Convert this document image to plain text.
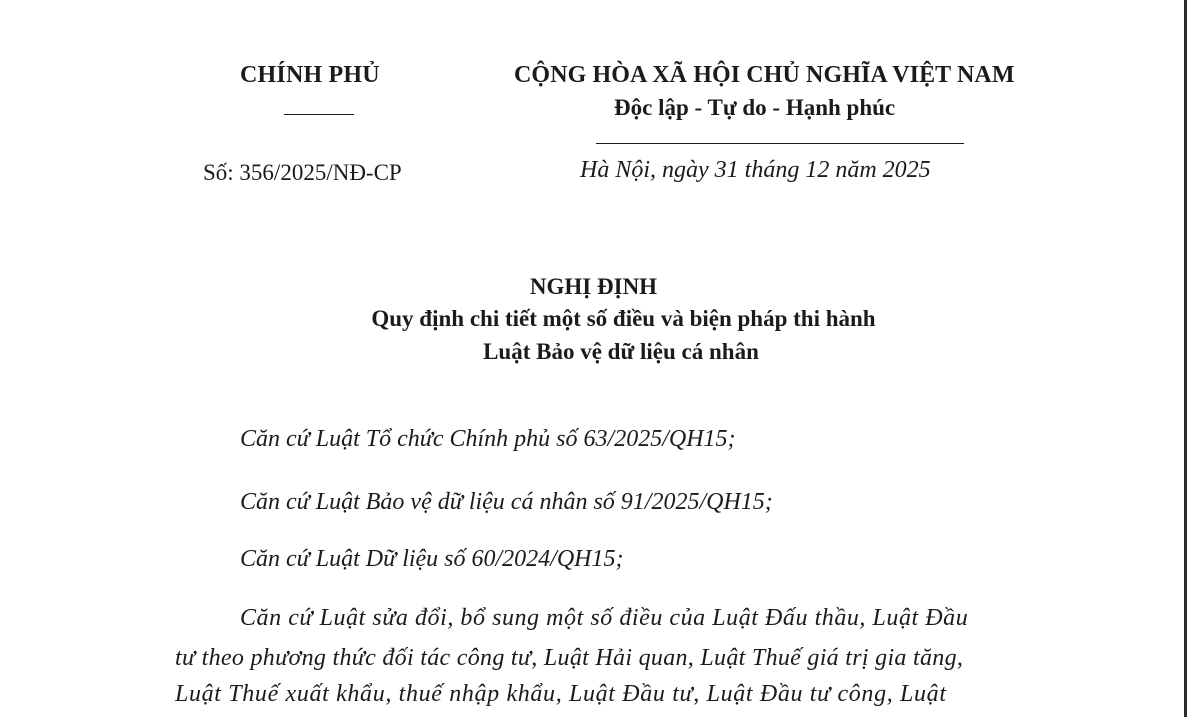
CHÍNH PHỦ	CỘNG HÒA XÃ HỘI CHỦ NGHĨA VIỆT NAM
Độc lập - Tự do - Hạnh phúc
Số: 356/2025/NĐ-CP	Hà Nội, ngày 31 tháng 12 năm 2025
NGHỊ ĐỊNH
Quy định chi tiết một số điều và biện pháp thi hành
Luật Bảo vệ dữ liệu cá nhân
Căn cứ Luật Tổ chức Chính phủ số 63/2025/QH15;
Căn cứ Luật Bảo vệ dữ liệu cá nhân số 91/2025/QH15;
Căn cứ Luật Dữ liệu số 60/2024/QH15;
Căn cứ Luật sửa đổi, bổ sung một số điều của Luật Đấu thầu, Luật Đầu
tư theo phương thức đối tác công tư, Luật Hải quan, Luật Thuế giá trị gia tăng,
Luật Thuế xuất khẩu, thuế nhập khẩu, Luật Đầu tư, Luật Đầu tư công, Luật
